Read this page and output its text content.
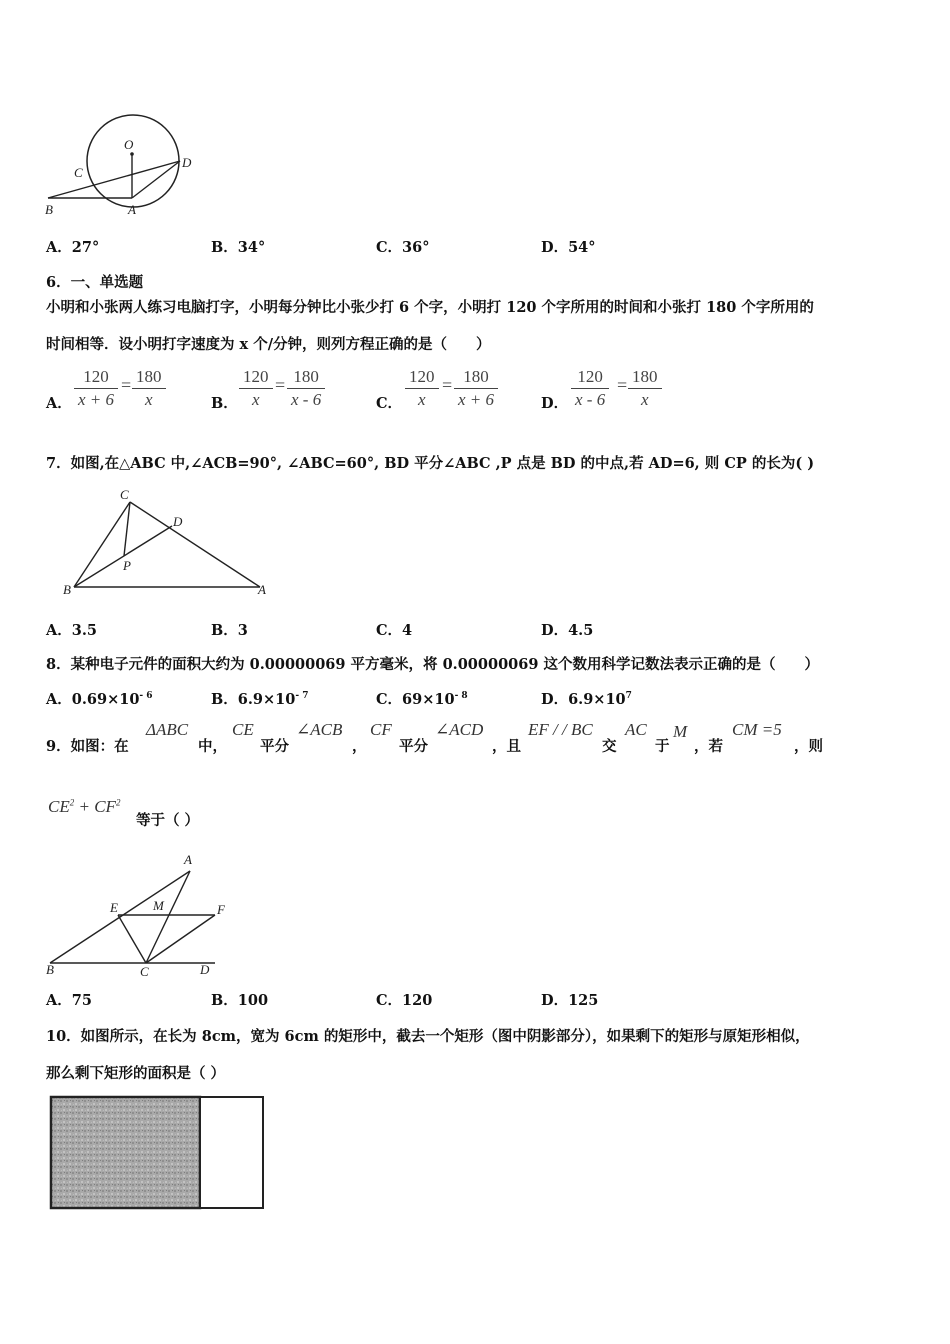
O
C
D
B	A
A．27°	B．34°	C．36°	D．54°
6．一、单选题
小明和小张两人练习电脑打字，小明每分钟比小张少打 6 个字，小明打 120 个字所用的时间和小张打 180 个字所用的
时间相等．设小明打字速度为 x 个/分钟，则列方程正确的是（　　）
A． $\frac{120}{x + 6} = \frac{180}{x}$	B． $\frac{120}{x} = \frac{180}{x - 6}$	C． $\frac{120}{x} = \frac{180}{x + 6}$	D． $\frac{120}{x - 6} = \frac{180}{x}$
7．如图,在△ABC 中,∠ACB=90°, ∠ABC=60°, BD 平分∠ABC ,P 点是 BD 的中点,若 AD=6, 则 CP 的长为( )
C
D
P
B	A
A．3.5	B．3	C．4	D．4.5
8．某种电子元件的面积大约为 0.00000069 平方毫米，将 0.00000069 这个数用科学记数法表示正确的是（　　）
A．$0.69\times 10^{- 6}$	B．$6.9\times 10^{- 7}$	C．$69\times 10^{- 8}$	D．$6.9\times 10^7$
9．如图：在
ΔABC
中，
CE
平分
∠ACB
，
CF
平分
∠ACD
，且
EF / / BC
交
AC
于
M
，若
CM =5
，则
$CE^2 + CF^2$
等于（ ）
A
E	M	F
B	C	D
A．75	B．100	C．120	D．125
10．如图所示，在长为 8cm，宽为 6cm 的矩形中，截去一个矩形（图中阴影部分），如果剩下的矩形与原矩形相似，
那么剩下矩形的面积是（ ）
